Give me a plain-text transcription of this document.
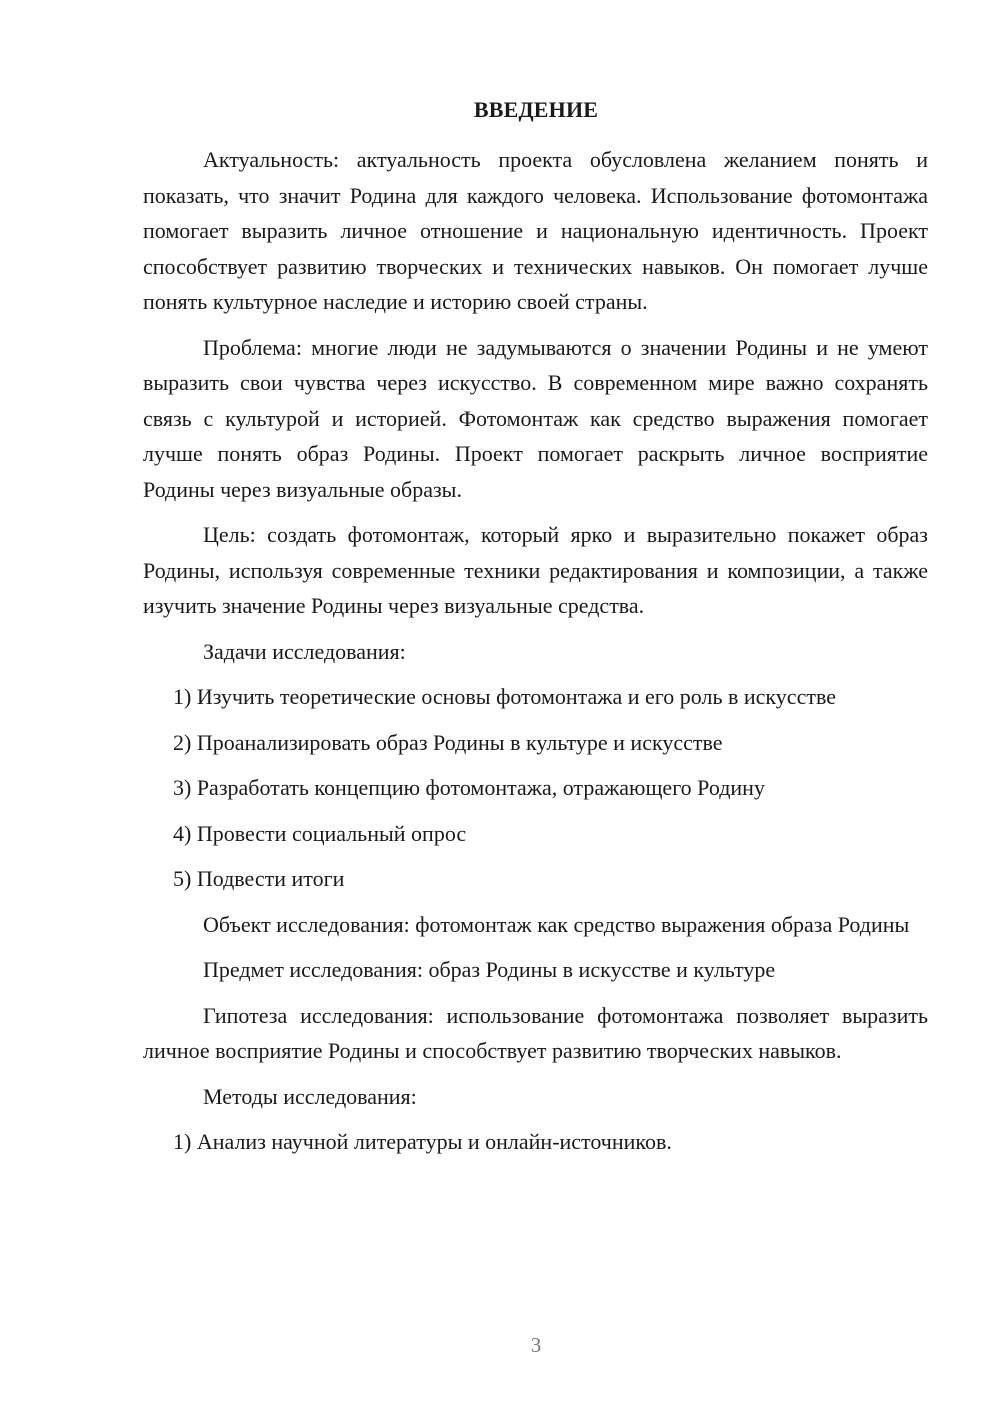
ВВЕДЕНИЕ

Актуальность: актуальность проекта обусловлена желанием понять и показать, что значит Родина для каждого человека. Использование фотомонтажа помогает выразить личное отношение и национальную идентичность. Проект способствует развитию творческих и технических навыков. Он помогает лучше понять культурное наследие и историю своей страны.

Проблема: многие люди не задумываются о значении Родины и не умеют выразить свои чувства через искусство. В современном мире важно сохранять связь с культурой и историей. Фотомонтаж как средство выражения помогает лучше понять образ Родины. Проект помогает раскрыть личное восприятие Родины через визуальные образы.

Цель: создать фотомонтаж, который ярко и выразительно покажет образ Родины, используя современные техники редактирования и композиции, а также изучить значение Родины через визуальные средства.

Задачи исследования:

1) Изучить теоретические основы фотомонтажа и его роль в искусстве
2) Проанализировать образ Родины в культуре и искусстве
3) Разработать концепцию фотомонтажа, отражающего Родину
4) Провести социальный опрос
5) Подвести итоги

Объект исследования: фотомонтаж как средство выражения образа Родины

Предмет исследования: образ Родины в искусстве и культуре

Гипотеза исследования: использование фотомонтажа позволяет выразить личное восприятие Родины и способствует развитию творческих навыков.

Методы исследования:

1) Анализ научной литературы и онлайн-источников.
3
